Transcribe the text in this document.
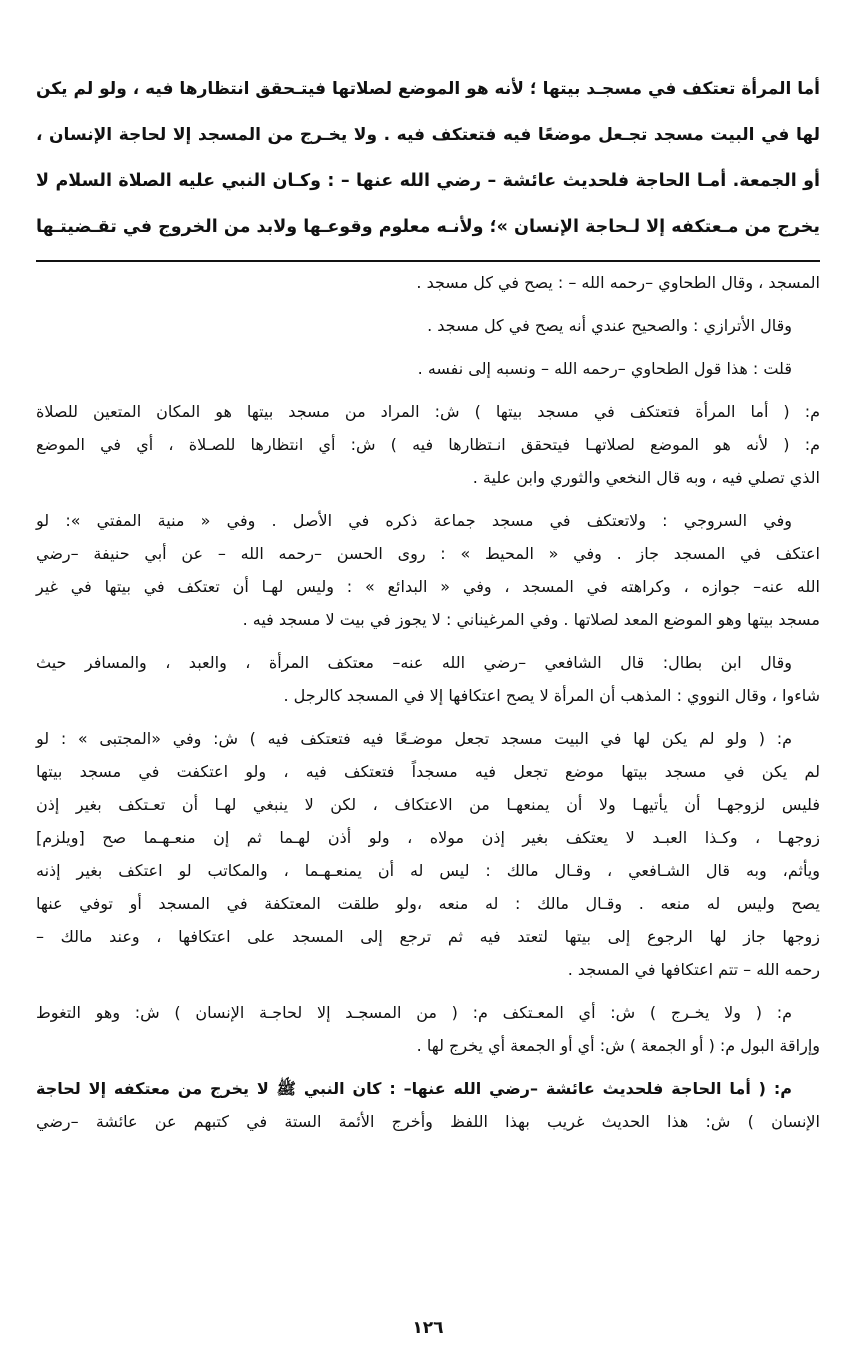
أما المرأة تعتكف في مسجـد بيتها ؛ لأنه هو الموضع لصلاتها فيتـحقق انتظارها فيه ، ولو لم يكن
لها في البيت مسجد تجـعل موضعًا فيه فتعتكف فيه . ولا يخـرج من المسجد إلا لحاجة الإنسان ،
أو الجمعة. أمـا الحاجة فلحديث عائشة – رضي الله عنها – : وكـان النبي عليه الصلاة السلام لا
يخرج من مـعتكفه إلا لـحاجة الإنسان »؛ ولأنـه معلوم وقوعـها ولابد من الخروج في تقـضيتـها
المسجد ، وقال الطحاوي –رحمه الله – : يصح في كل مسجد .
وقال الأترازي : والصحيح عندي أنه يصح في كل مسجد .
قلت : هذا قول الطحاوي –رحمه الله – ونسبه إلى نفسه .
م: ( أما المرأة فتعتكف في مسجد بيتها ) ش: المراد من مسجد بيتها هو المكان المتعين للصلاة
م: ( لأنه هو الموضع لصلاتهـا فيتحقق انـتظارها فيه ) ش: أي انتظارها للصـلاة ، أي في الموضع
الذي تصلي فيه ، وبه قال النخعي والثوري وابن علية .
وفي السروجي : ولاتعتكف في مسجد جماعة ذكره في الأصل . وفي « منية المفتي »: لو
اعتكف في المسجد جاز . وفي « المحيط » : روى الحسن –رحمه الله – عن أبي حنيفة –رضي
الله عنه– جوازه ، وكراهته في المسجد ، وفي « البدائع » : وليس لهـا أن تعتكف في بيتها في غير
مسجد بيتها وهو الموضع المعد لصلاتها . وفي المرغيناني : لا يجوز في بيت لا مسجد فيه .
وقال ابن بطال: قال الشافعي –رضي الله عنه– معتكف المرأة ، والعبد ، والمسافر حيث
شاءوا ، وقال النووي : المذهب أن المرأة لا يصح اعتكافها إلا في المسجد كالرجل .
م: ( ولو لم يكن لها في البيت مسجد تجعل موضـعًا فيه فتعتكف فيه ) ش: وفي «المجتبى » : لو
لم يكن في مسجد بيتها موضع تجعل فيه مسجداً فتعتكف فيه ، ولو اعتكفت في مسجد بيتها
فليس لزوجهـا أن يأتيهـا ولا أن يمنعهـا من الاعتكاف ، لكن لا ينبغي لهـا أن تعـتكف بغير إذن
زوجهـا ، وكـذا العبـد لا يعتكف بغير إذن مولاه ، ولو أذن لهـما ثم إن منعـهـما صح [ويلزم]
ويأثم، وبه قال الشـافعي ، وقـال مالك : ليس له أن يمنعـهـما ، والمكاتب لو اعتكف بغير إذنه
يصح وليس له منعه . وقـال مالك : له منعه ،ولو طلقت المعتكفة في المسجد أو توفي عنها
زوجها جاز لها الرجوع إلى بيتها لتعتد فيه ثم ترجع إلى المسجد على اعتكافها ، وعند مالك –
رحمه الله – تتم اعتكافها في المسجد .
م: ( ولا يخـرج ) ش: أي المعـتكف م: ( من المسجـد إلا لحاجـة الإنسان ) ش: وهو التغوط
وإراقة البول م: ( أو الجمعة ) ش: أي أو الجمعة أي يخرج لها .
م: ( أما الحاجة فلحديث عائشة –رضي الله عنها– : كان النبي ﷺ لا يخرج من معتكفه إلا لحاجة
الإنسان ) ش: هذا الحديث غريب بهذا اللفظ وأخرج الأئمة الستة في كتبهم عن عائشة –رضي
١٢٦
